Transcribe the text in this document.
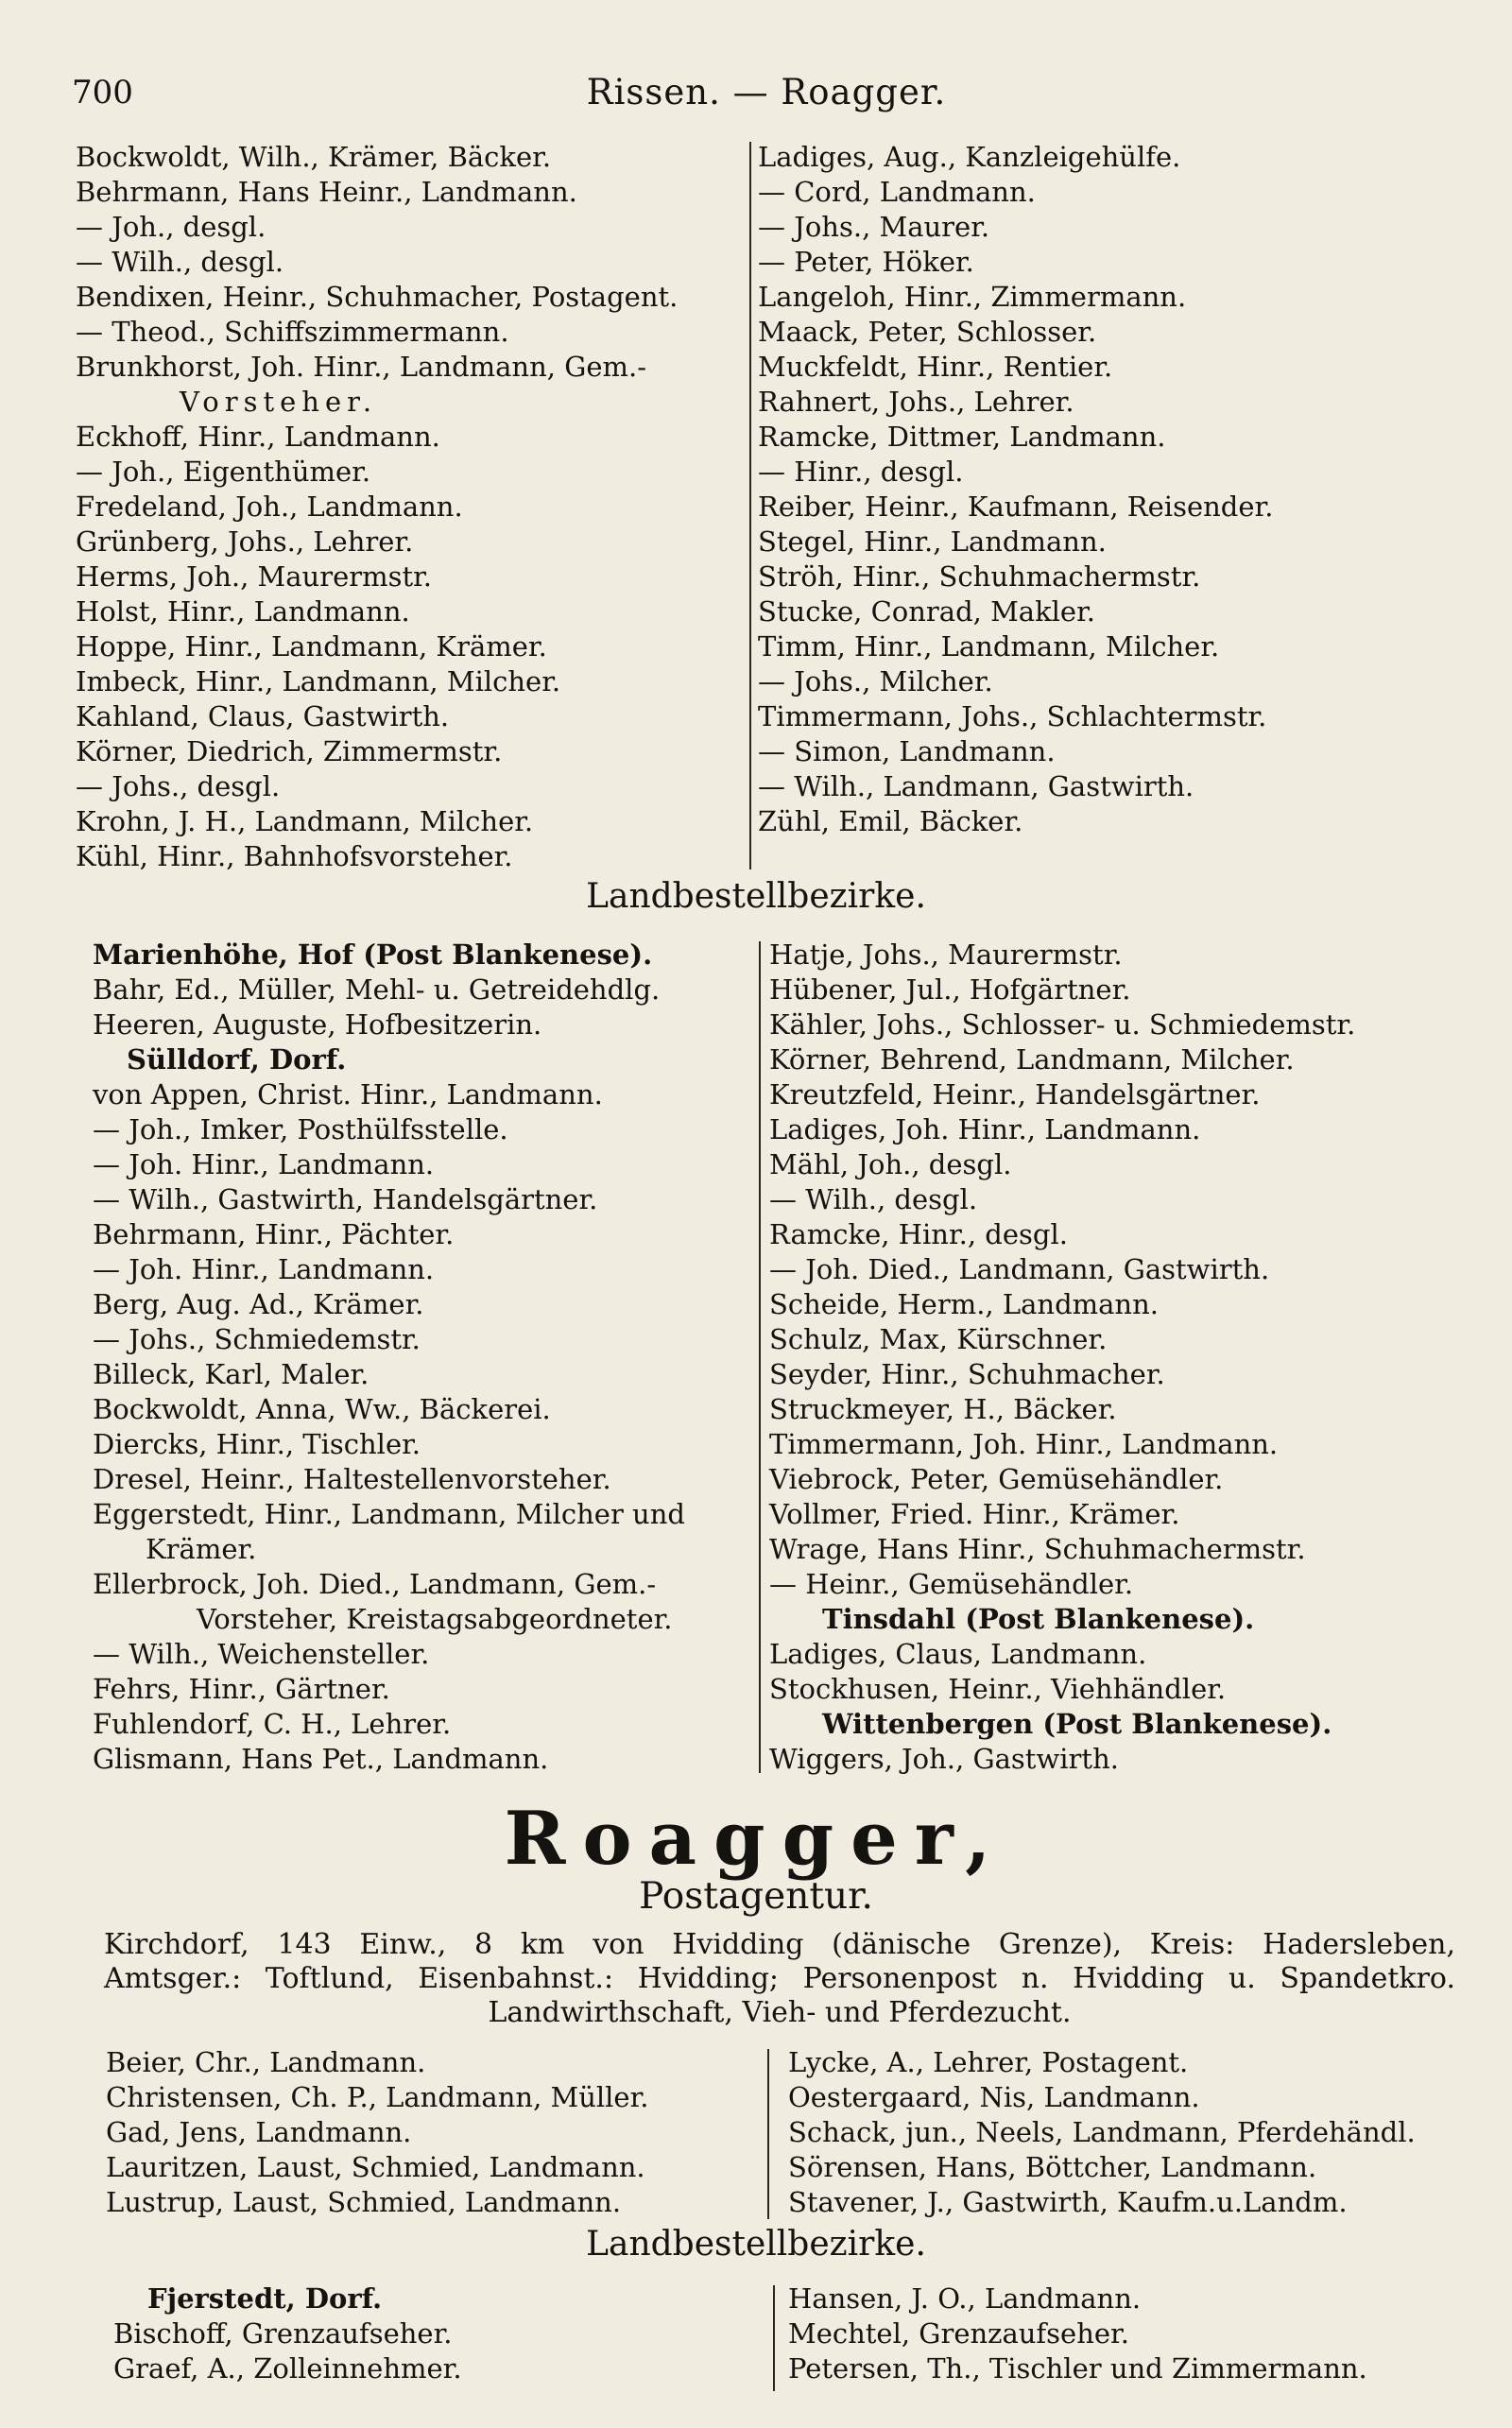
700	Rissen. — Roagger.
Bockwoldt, Wilh., Krämer, Bäcker.
Behrmann, Hans Heinr., Landmann.
— Joh., desgl.
— Wilh., desgl.
Bendixen, Heinr., Schuhmacher, Postagent.
— Theod., Schiffszimmermann.
Brunkhorst, Joh. Hinr., Landmann, Gem.-
Vorsteher.
Eckhoff, Hinr., Landmann.
— Joh., Eigenthümer.
Fredeland, Joh., Landmann.
Grünberg, Johs., Lehrer.
Herms, Joh., Maurermstr.
Holst, Hinr., Landmann.
Hoppe, Hinr., Landmann, Krämer.
Imbeck, Hinr., Landmann, Milcher.
Kahland, Claus, Gastwirth.
Körner, Diedrich, Zimmermstr.
— Johs., desgl.
Krohn, J. H., Landmann, Milcher.
Kühl, Hinr., Bahnhofsvorsteher.
Ladiges, Aug., Kanzleigehülfe.
— Cord, Landmann.
— Johs., Maurer.
— Peter, Höker.
Langeloh, Hinr., Zimmermann.
Maack, Peter, Schlosser.
Muckfeldt, Hinr., Rentier.
Rahnert, Johs., Lehrer.
Ramcke, Dittmer, Landmann.
— Hinr., desgl.
Reiber, Heinr., Kaufmann, Reisender.
Stegel, Hinr., Landmann.
Ströh, Hinr., Schuhmachermstr.
Stucke, Conrad, Makler.
Timm, Hinr., Landmann, Milcher.
— Johs., Milcher.
Timmermann, Johs., Schlachtermstr.
— Simon, Landmann.
— Wilh., Landmann, Gastwirth.
Zühl, Emil, Bäcker.
Landbestellbezirke.
Marienhöhe, Hof (Post Blankenese).
Bahr, Ed., Müller, Mehl- u. Getreidehdlg.
Heeren, Auguste, Hofbesitzerin.
Sülldorf, Dorf.
von Appen, Christ. Hinr., Landmann.
— Joh., Imker, Posthülfsstelle.
— Joh. Hinr., Landmann.
— Wilh., Gastwirth, Handelsgärtner.
Behrmann, Hinr., Pächter.
— Joh. Hinr., Landmann.
Berg, Aug. Ad., Krämer.
— Johs., Schmiedemstr.
Billeck, Karl, Maler.
Bockwoldt, Anna, Ww., Bäckerei.
Diercks, Hinr., Tischler.
Dresel, Heinr., Haltestellenvorsteher.
Eggerstedt, Hinr., Landmann, Milcher und
Krämer.
Ellerbrock, Joh. Died., Landmann, Gem.-
Vorsteher, Kreistagsabgeordneter.
— Wilh., Weichensteller.
Fehrs, Hinr., Gärtner.
Fuhlendorf, C. H., Lehrer.
Glismann, Hans Pet., Landmann.
Hatje, Johs., Maurermstr.
Hübener, Jul., Hofgärtner.
Kähler, Johs., Schlosser- u. Schmiedemstr.
Körner, Behrend, Landmann, Milcher.
Kreutzfeld, Heinr., Handelsgärtner.
Ladiges, Joh. Hinr., Landmann.
Mähl, Joh., desgl.
— Wilh., desgl.
Ramcke, Hinr., desgl.
— Joh. Died., Landmann, Gastwirth.
Scheide, Herm., Landmann.
Schulz, Max, Kürschner.
Seyder, Hinr., Schuhmacher.
Struckmeyer, H., Bäcker.
Timmermann, Joh. Hinr., Landmann.
Viebrock, Peter, Gemüsehändler.
Vollmer, Fried. Hinr., Krämer.
Wrage, Hans Hinr., Schuhmachermstr.
— Heinr., Gemüsehändler.
Tinsdahl (Post Blankenese).
Ladiges, Claus, Landmann.
Stockhusen, Heinr., Viehhändler.
Wittenbergen (Post Blankenese).
Wiggers, Joh., Gastwirth.
Roagger,
Postagentur.
Kirchdorf, 143 Einw., 8 km von Hvidding (dänische Grenze), Kreis: Hadersleben,
Amtsger.: Toftlund, Eisenbahnst.: Hvidding; Personenpost n. Hvidding u. Spandetkro.
Landwirthschaft, Vieh- und Pferdezucht.
Beier, Chr., Landmann.
Christensen, Ch. P., Landmann, Müller.
Gad, Jens, Landmann.
Lauritzen, Laust, Schmied, Landmann.
Lustrup, Laust, Schmied, Landmann.
Lycke, A., Lehrer, Postagent.
Oestergaard, Nis, Landmann.
Schack, jun., Neels, Landmann, Pferdehändl.
Sörensen, Hans, Böttcher, Landmann.
Stavener, J., Gastwirth, Kaufm.u.Landm.
Landbestellbezirke.
Fjerstedt, Dorf.
Bischoff, Grenzaufseher.
Graef, A., Zolleinnehmer.
Hansen, J. O., Landmann.
Mechtel, Grenzaufseher.
Petersen, Th., Tischler und Zimmermann.
